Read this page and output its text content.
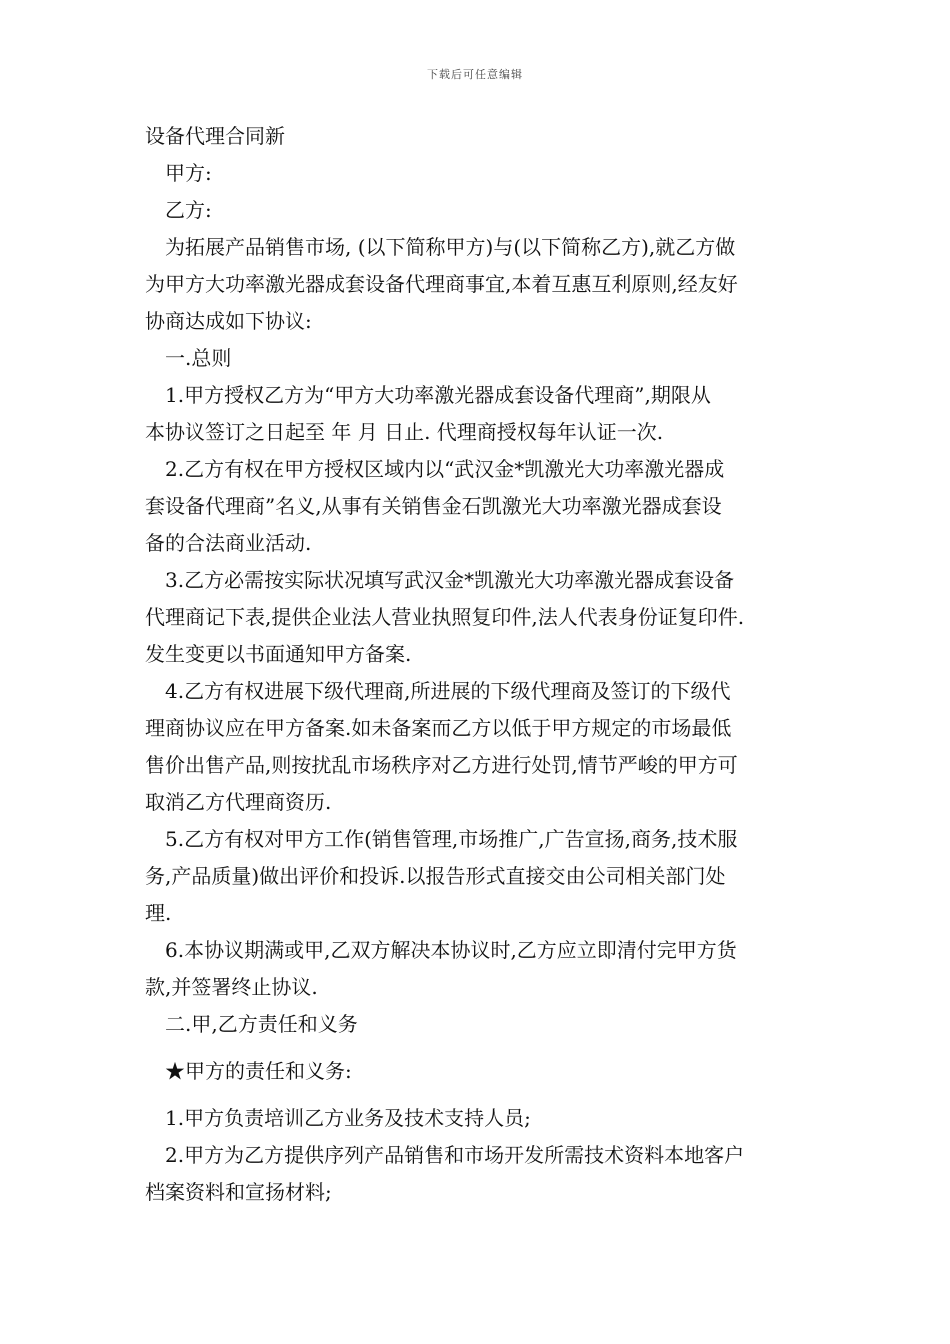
下载后可任意编辑
设备代理合同新
甲方:
乙方:
为拓展产品销售市场, (以下简称甲方)与(以下简称乙方),就乙方做
为甲方大功率激光器成套设备代理商事宜,本着互惠互利原则,经友好
协商达成如下协议:
一.总则
1.甲方授权乙方为“甲方大功率激光器成套设备代理商”,期限从
本协议签订之日起至 年 月 日止. 代理商授权每年认证一次.
2.乙方有权在甲方授权区域内以“武汉金*凯激光大功率激光器成
套设备代理商”名义,从事有关销售金石凯激光大功率激光器成套设
备的合法商业活动.
3.乙方必需按实际状况填写武汉金*凯激光大功率激光器成套设备
代理商记下表,提供企业法人营业执照复印件,法人代表身份证复印件.
发生变更以书面通知甲方备案.
4.乙方有权进展下级代理商,所进展的下级代理商及签订的下级代
理商协议应在甲方备案.如未备案而乙方以低于甲方规定的市场最低
售价出售产品,则按扰乱市场秩序对乙方进行处罚,情节严峻的甲方可
取消乙方代理商资历.
5.乙方有权对甲方工作(销售管理,市场推广,广告宣扬,商务,技术服
务,产品质量)做出评价和投诉.以报告形式直接交由公司相关部门处
理.
6.本协议期满或甲,乙双方解决本协议时,乙方应立即清付完甲方货
款,并签署终止协议.
二.甲,乙方责任和义务
★甲方的责任和义务:
1.甲方负责培训乙方业务及技术支持人员;
2.甲方为乙方提供序列产品销售和市场开发所需技术资料本地客户
档案资料和宣扬材料;
